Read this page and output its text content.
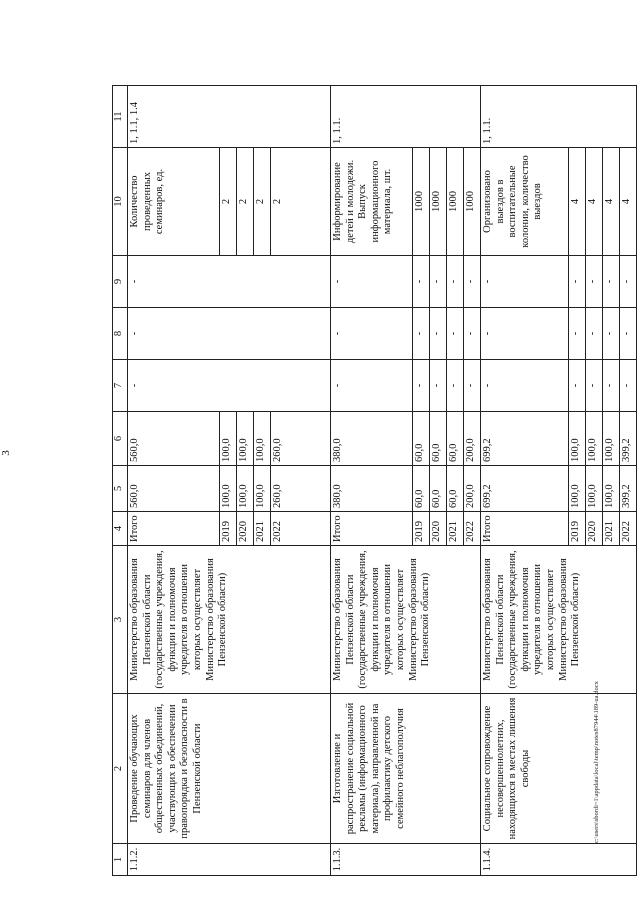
3
1	2	3	4	5	6	7	8	9	10	11
1.1.2.	Проведение обучающих семинаров для членов общественных объединений, участвующих в обеспечении правопорядка и безопасности в Пензенской области	Министерство образования Пензенской области (государственные учреждения, функции и полномочия учредителя в отношении которых осуществляет Министерство образования Пензенской области)	Итого	560,0	560,0	-	-	-	Количество проведенных семинаров, ед.	1, 1.1, 1.4
			2019	100,0	100,0				2	
			2020	100,0	100,0				2	
			2021	100,0	100,0				2	
			2022	260,0	260,0				2	
1.1.3.	Изготовление и распространение социальной рекламы (информационного материала), направленной на профилактику детского семейного неблагополучия	Министерство образования Пензенской области (государственные учреждения, функции и полномочия учредителя в отношении которых осуществляет Министерство образования Пензенской области)	Итого	380,0	380,0	-	-	-	Информирование детей и молодежи. Выпуск информационного материала, шт.	1, 1.1.
			2019	60,0	60,0	-	-	-	1000	
			2020	60,0	60,0	-	-	-	1000	
			2021	60,0	60,0	-	-	-	1000	
			2022	200,0	200,0	-	-	-	1000	
1.1.4.	Социальное сопровождение несовершеннолетних, находящихся в местах лишения свободы	Министерство образования Пензенской области (государственные учреждения, функции и полномочия учредителя в отношении которых осуществляет Министерство образования Пензенской области)	Итого	699,2	699,2	-	-	-	Организовано выездов в воспитательные колонии, количество выездов	1, 1.1.
			2019	100,0	100,0	-	-	-	4	
			2020	100,0	100,0	-	-	-	4	
			2021	100,0	100,0	-	-	-	4	
			2022	399,2	399,2	-	-	-	4	
c:\users\sbordi~1\appdata\local\temp\notes87944\189-ua.docx
